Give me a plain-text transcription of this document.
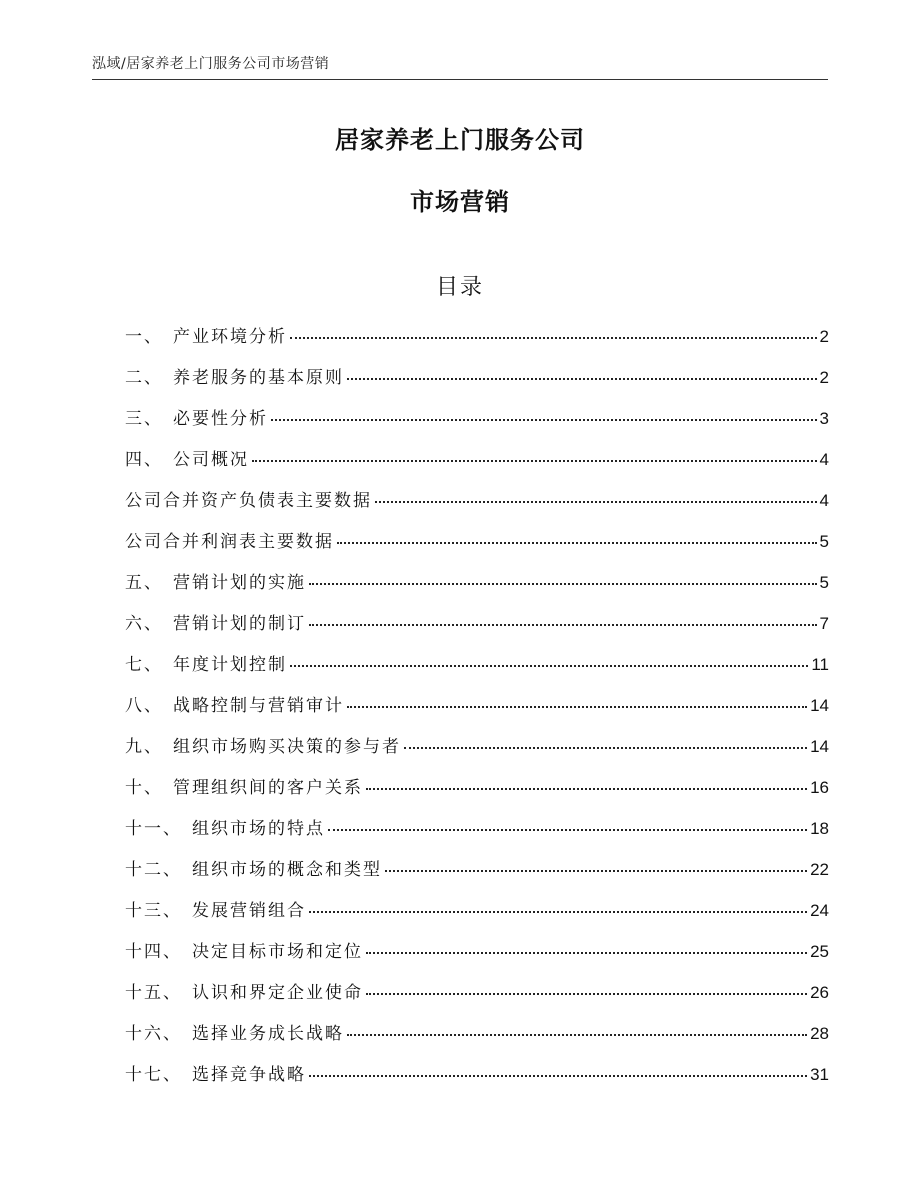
泓域/居家养老上门服务公司市场营销
居家养老上门服务公司
市场营销
目录
一、 产业环境分析	2
二、 养老服务的基本原则	2
三、 必要性分析	3
四、 公司概况	4
公司合并资产负债表主要数据	4
公司合并利润表主要数据	5
五、 营销计划的实施	5
六、 营销计划的制订	7
七、 年度计划控制	11
八、 战略控制与营销审计	14
九、 组织市场购买决策的参与者	14
十、 管理组织间的客户关系	16
十一、 组织市场的特点	18
十二、 组织市场的概念和类型	22
十三、 发展营销组合	24
十四、 决定目标市场和定位	25
十五、 认识和界定企业使命	26
十六、 选择业务成长战略	28
十七、 选择竞争战略	31
